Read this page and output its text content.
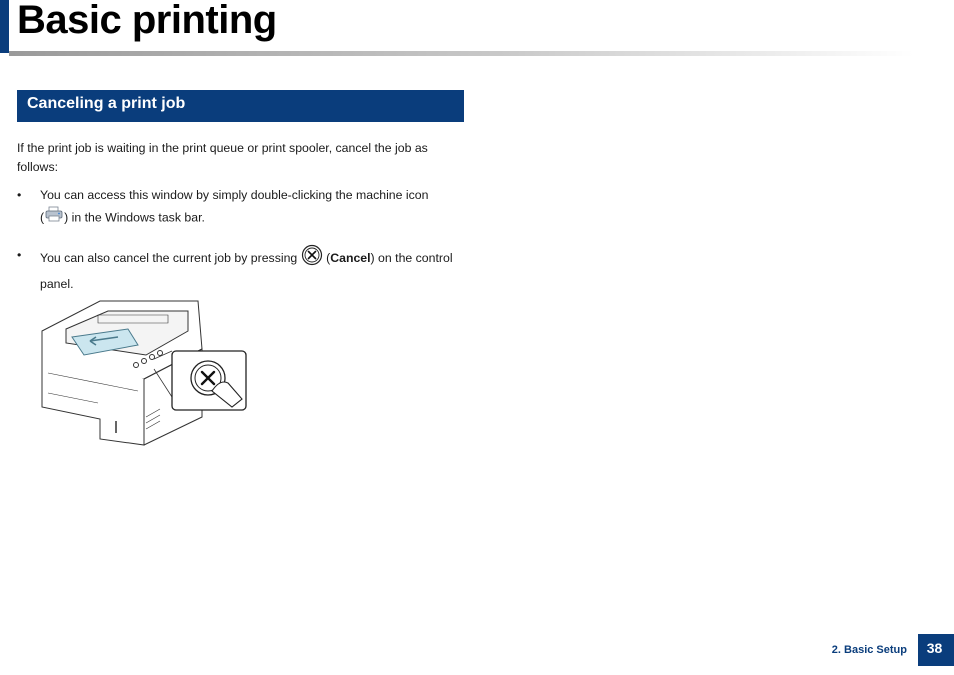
Basic printing
Canceling a print job

If the print job is waiting in the print queue or print spooler, cancel the job as follows:

• You can access this window by simply double-clicking the machine icon
( ) in the Windows task bar.
• You can also cancel the current job by pressing (Cancel) on the control panel.
2. Basic Setup	38
